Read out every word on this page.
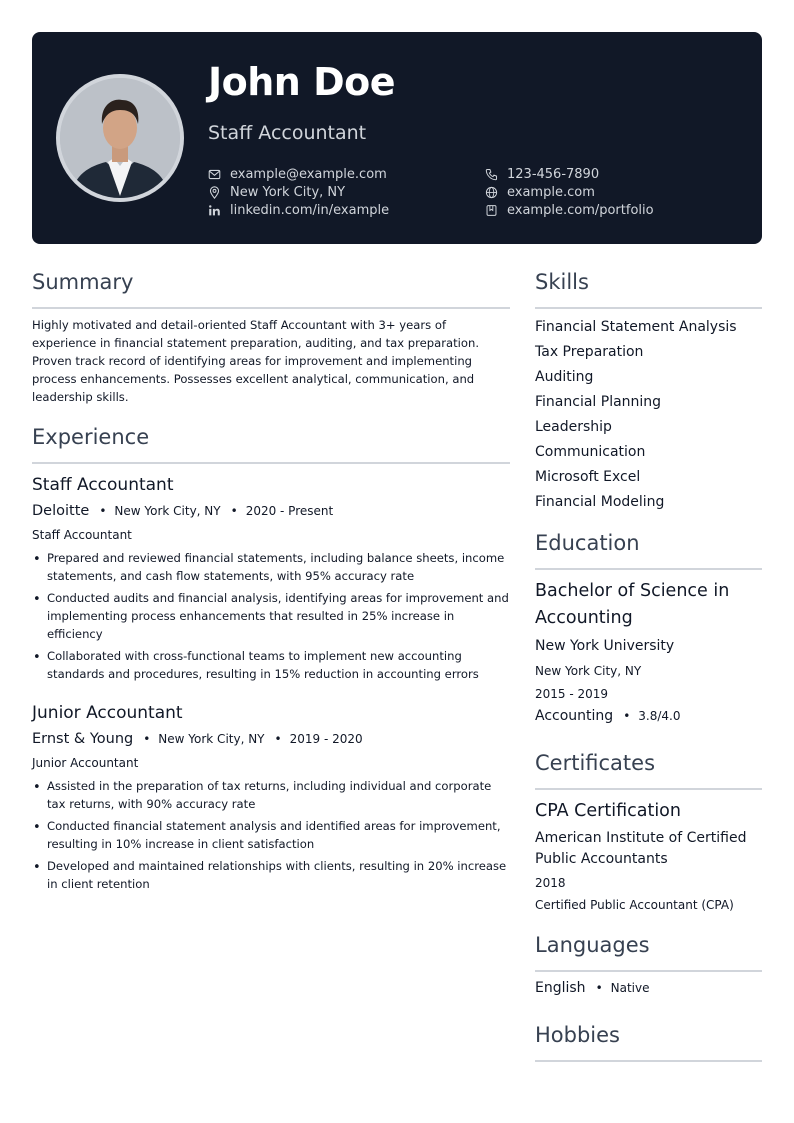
John Doe
Staff Accountant
example@example.com
New York City, NY
linkedin.com/in/example
123-456-7890
example.com
example.com/portfolio
Summary

Highly motivated and detail-oriented Staff Accountant with 3+ years of experience in financial statement preparation, auditing, and tax preparation. Proven track record of identifying areas for improvement and implementing process enhancements. Possesses excellent analytical, communication, and leadership skills.

Experience
Staff Accountant
Deloitte • New York City, NY • 2020 - Present
Staff Accountant
• Prepared and reviewed financial statements, including balance sheets, income statements, and cash flow statements, with 95% accuracy rate
• Conducted audits and financial analysis, identifying areas for improvement and implementing process enhancements that resulted in 25% increase in efficiency
• Collaborated with cross-functional teams to implement new accounting standards and procedures, resulting in 15% reduction in accounting errors
Junior Accountant
Ernst & Young • New York City, NY • 2019 - 2020
Junior Accountant
• Assisted in the preparation of tax returns, including individual and corporate tax returns, with 90% accuracy rate
• Conducted financial statement analysis and identified areas for improvement, resulting in 10% increase in client satisfaction
• Developed and maintained relationships with clients, resulting in 20% increase in client retention
Skills
Financial Statement Analysis
Tax Preparation
Auditing
Financial Planning
Leadership
Communication
Microsoft Excel
Financial Modeling
Education
Bachelor of Science in Accounting
New York University
New York City, NY
2015 - 2019
Accounting • 3.8/4.0
Certificates
CPA Certification
American Institute of Certified Public Accountants
2018
Certified Public Accountant (CPA)
Languages
English • Native
Hobbies
